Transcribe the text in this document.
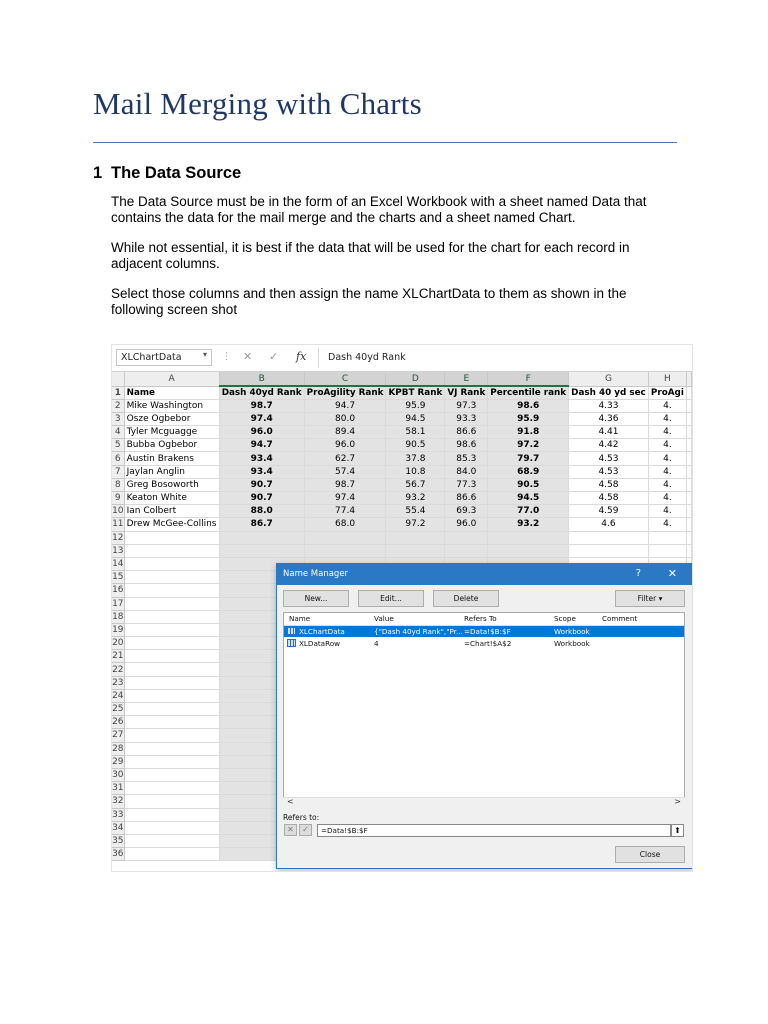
Mail Merging with Charts
1 The Data Source
The Data Source must be in the form of an Excel Workbook with a sheet named Data that contains the data for the mail merge and the charts and a sheet named Chart.
While not essential, it is best if the data that will be used for the chart for each record in adjacent columns.
Select those columns and then assign the name XLChartData to them as shown in the following screen shot
XLChartData	▾ ⋮ ✕ ✓ fx Dash 40yd Rank
	A	B	C	D	E	F	G	H	
1	Name	Dash 40yd Rank	ProAgility Rank	KPBT Rank	VJ Rank	Percentile rank	Dash 40 yd sec	ProAgi	
2	Mike Washington	98.7	94.7	95.9	97.3	98.6	4.33	4.	
3	Osze Ogbebor	97.4	80.0	94.5	93.3	95.9	4.36	4.	
4	Tyler Mcguagge	96.0	89.4	58.1	86.6	91.8	4.41	4.	
5	Bubba Ogbebor	94.7	96.0	90.5	98.6	97.2	4.42	4.	
6	Austin Brakens	93.4	62.7	37.8	85.3	79.7	4.53	4.	
7	Jaylan Anglin	93.4	57.4	10.8	84.0	68.9	4.53	4.	
8	Greg Bosoworth	90.7	98.7	56.7	77.3	90.5	4.58	4.	
9	Keaton White	90.7	97.4	93.2	86.6	94.5	4.58	4.	
10	Ian Colbert	88.0	77.4	55.4	69.3	77.0	4.59	4.	
11	Drew McGee-Collins	86.7	68.0	97.2	96.0	93.2	4.6	4.	
12									
13									
14									
15									
16									
17									
18									
19									
20									
21									
22									
23									
24									
25									
26									
27									
28									
29									
30									
31									
32									
33									
34									
35									
36									
Name Manager	? ✕
New...	Edit...	Delete	Filter ▾
Name	Value	Refers To	Scope	Comment
XLChartData	{"Dash 40yd Rank","Pr... =Data!$B:$F	Workbook
XLDataRow	4	=Chart!$A$2	Workbook
<	>
Refers to:
✕	✓	=Data!$B:$F	⬆
Close
